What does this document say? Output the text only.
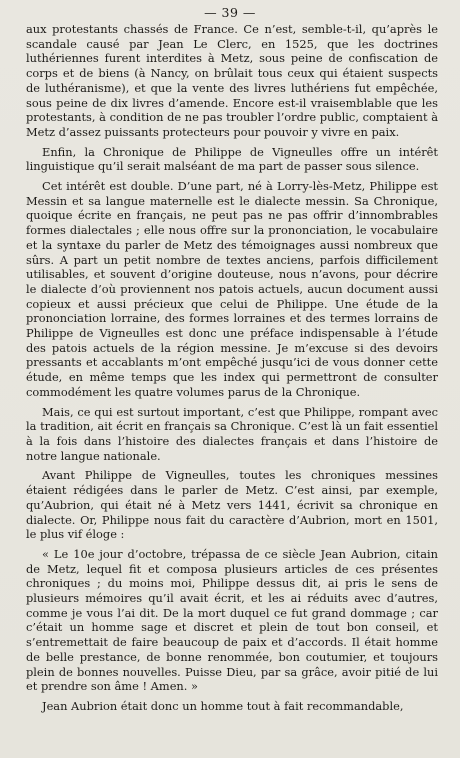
— 39 —

aux protestants chassés de France. Ce n’est, semble-t-il, qu’après le scandale causé par Jean Le Clerc, en 1525, que les doctrines luthériennes furent interdites à Metz, sous peine de confiscation de corps et de biens (à Nancy, on brûlait tous ceux qui étaient suspects de luthéranisme), et que la vente des livres luthériens fut empêchée, sous peine de dix livres d’amende. Encore est-il vraisemblable que les protestants, à condition de ne pas troubler l’ordre public, comptaient à Metz d’assez puissants protecteurs pour pouvoir y vivre en paix.

Enfin, la Chronique de Philippe de Vigneulles offre un intérêt linguistique qu’il serait malséant de ma part de passer sous silence.

Cet intérêt est double. D’une part, né à Lorry-lès-Metz, Philippe est Messin et sa langue maternelle est le dialecte messin. Sa Chronique, quoique écrite en français, ne peut pas ne pas offrir d’innombrables formes dialectales ; elle nous offre sur la prononciation, le vocabulaire et la syntaxe du parler de Metz des témoignages aussi nombreux que sûrs. A part un petit nombre de textes anciens, parfois difficilement utilisables, et souvent d’origine douteuse, nous n’avons, pour décrire le dialecte d’où proviennent nos patois actuels, aucun document aussi copieux et aussi précieux que celui de Philippe. Une étude de la prononciation lorraine, des formes lorraines et des termes lorrains de Philippe de Vigneulles est donc une préface indispensable à l’étude des patois actuels de la région messine. Je m’excuse si des devoirs pressants et accablants m’ont empêché jusqu’ici de vous donner cette étude, en même temps que les index qui permettront de consulter commodément les quatre volumes parus de la Chronique.

Mais, ce qui est surtout important, c’est que Philippe, rompant avec la tradition, ait écrit en français sa Chronique. C’est là un fait essentiel à la fois dans l’histoire des dialectes français et dans l’histoire de notre langue nationale.

Avant Philippe de Vigneulles, toutes les chroniques messines étaient rédigées dans le parler de Metz. C’est ainsi, par exemple, qu’Aubrion, qui était né à Metz vers 1441, écrivit sa chronique en dialecte. Or, Philippe nous fait du caractère d’Aubrion, mort en 1501, le plus vif éloge :

« Le 10e jour d’octobre, trépassa de ce siècle Jean Aubrion, citain de Metz, lequel fit et composa plusieurs articles de ces présentes chroniques ; du moins moi, Philippe dessus dit, ai pris le sens de plusieurs mémoires qu’il avait écrit, et les ai réduits avec d’autres, comme je vous l’ai dit. De la mort duquel ce fut grand dommage ; car c’était un homme sage et discret et plein de tout bon conseil, et s’entremettait de faire beaucoup de paix et d’accords. Il était homme de belle prestance, de bonne renommée, bon coutumier, et toujours plein de bonnes nouvelles. Puisse Dieu, par sa grâce, avoir pitié de lui et prendre son âme ! Amen. »

Jean Aubrion était donc un homme tout à fait recommandable,
